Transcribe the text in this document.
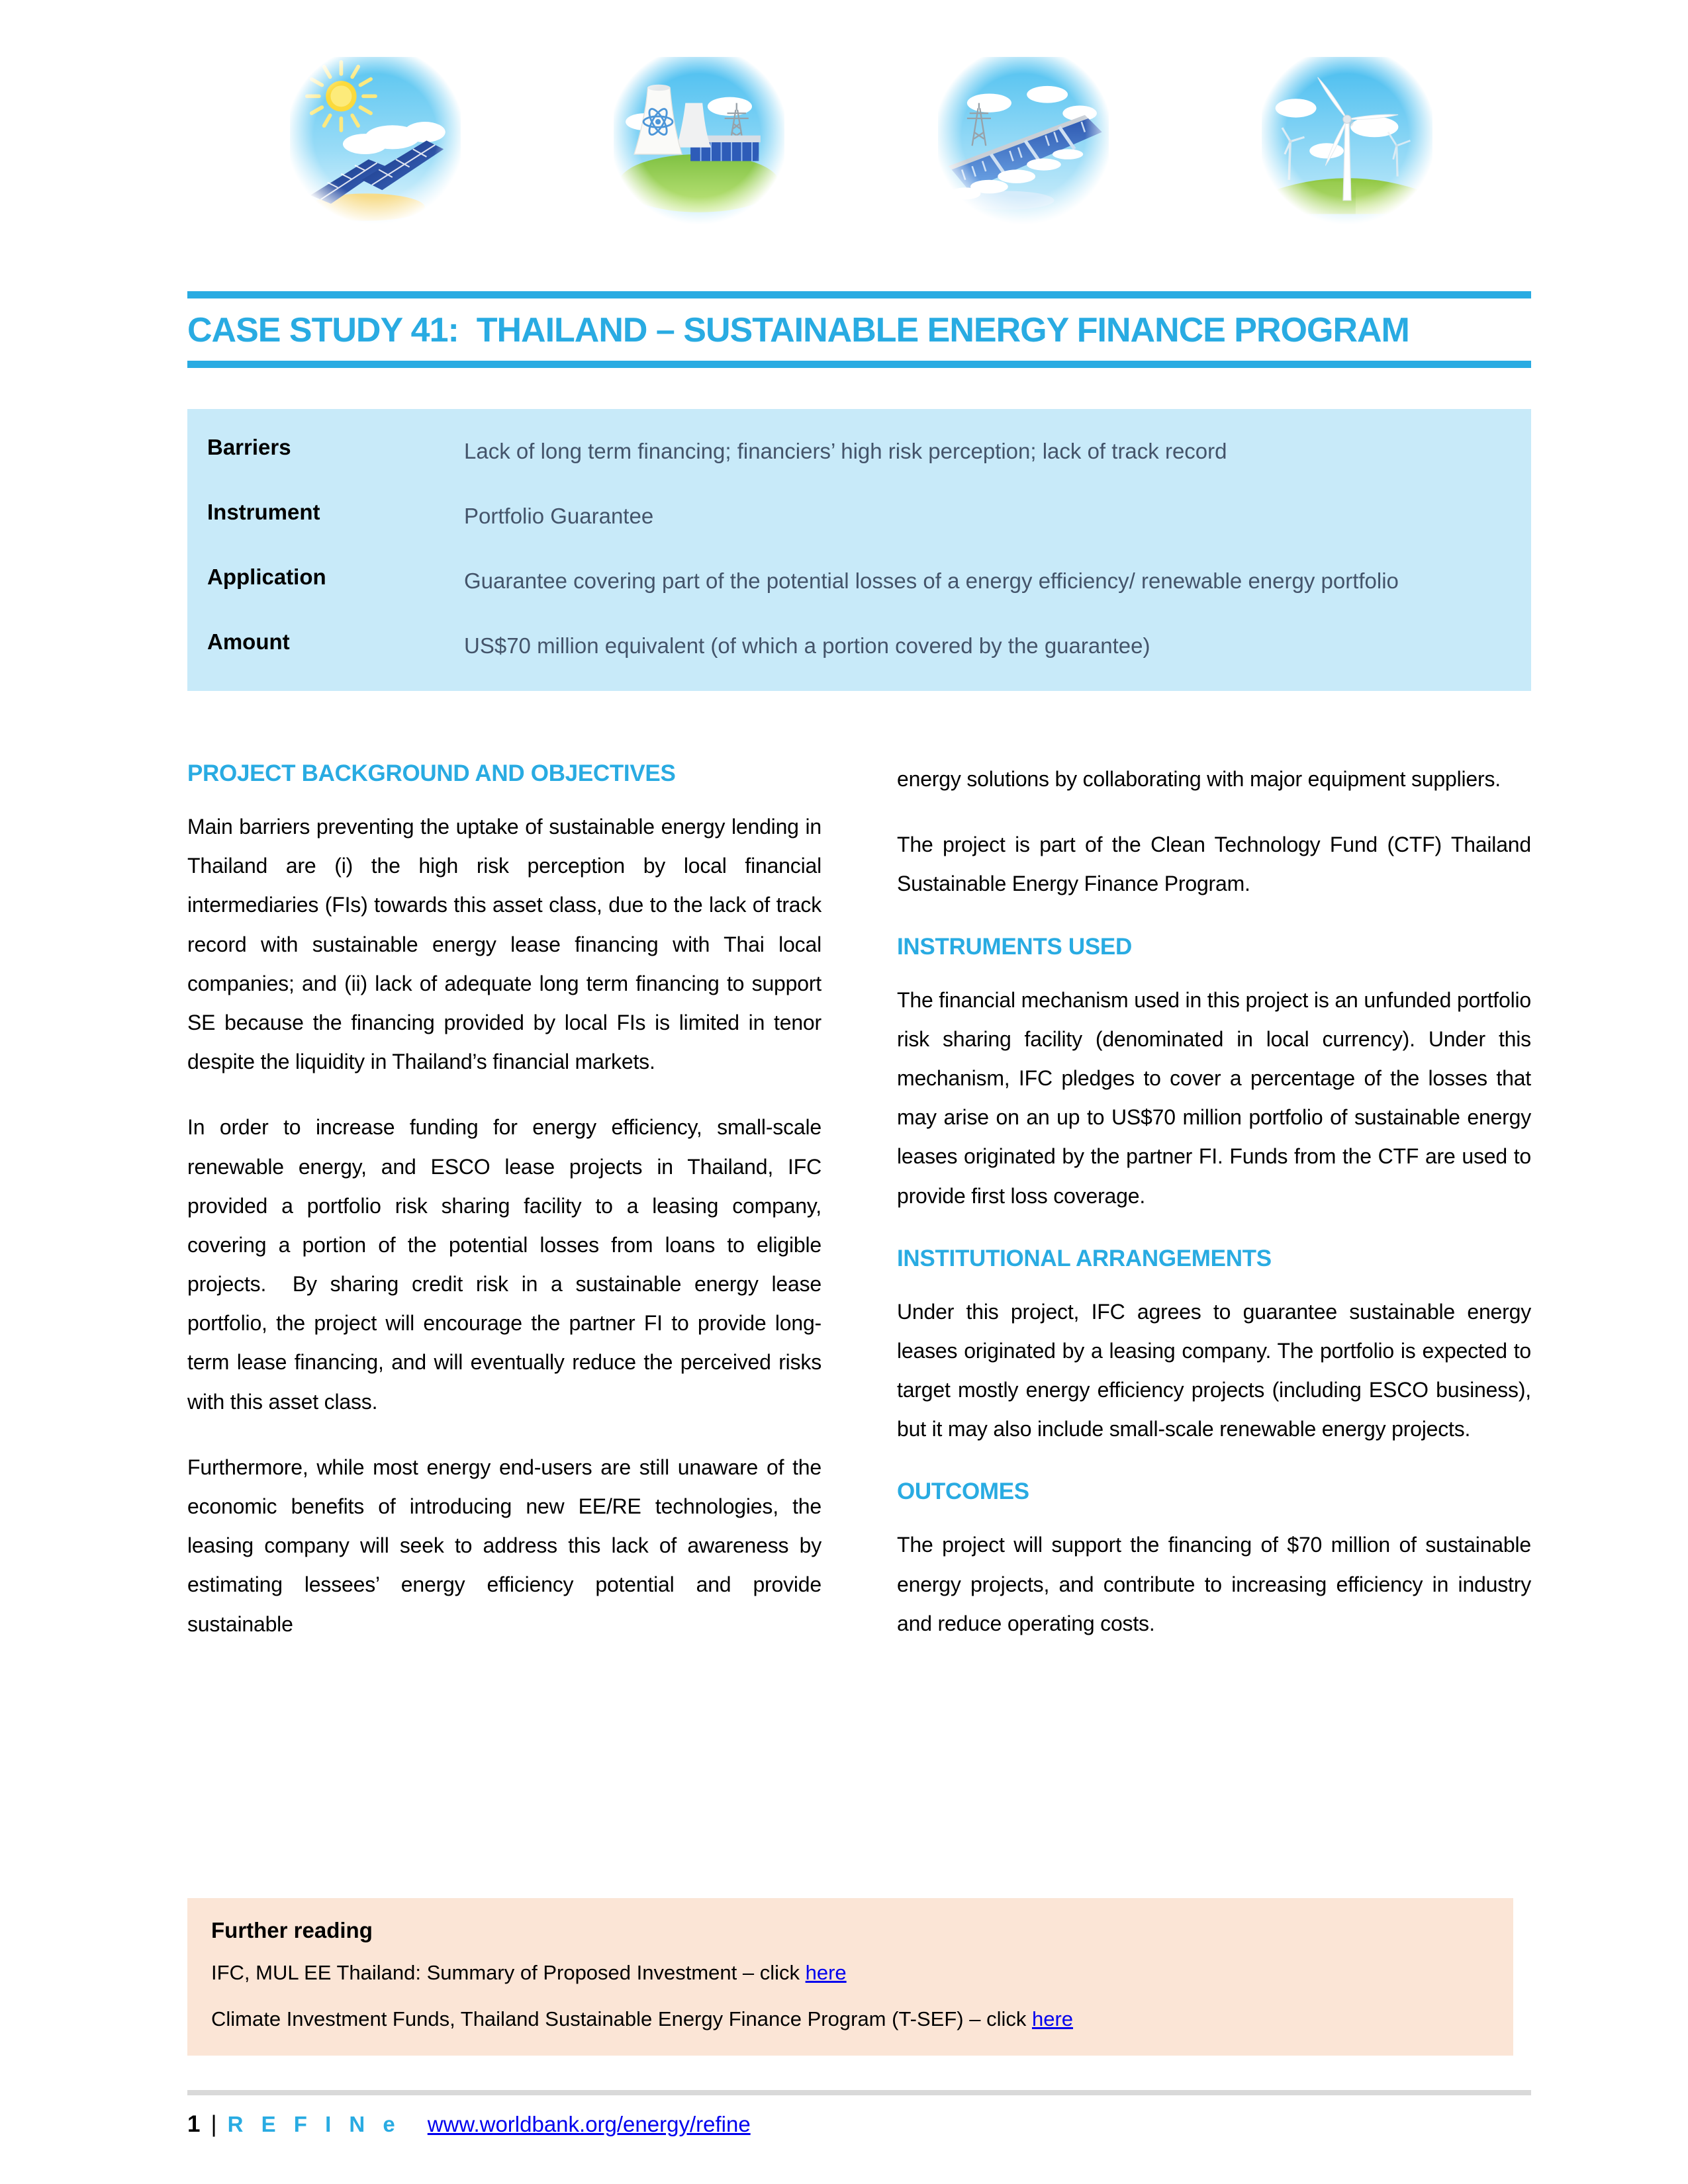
CASE STUDY 41:  THAILAND – SUSTAINABLE ENERGY FINANCE PROGRAM
Barriers	Lack of long term financing; financiers’ high risk perception; lack of track record
Instrument	Portfolio Guarantee
Application	Guarantee covering part of the potential losses of a energy efficiency/ renewable energy portfolio
Amount	US$70 million equivalent (of which a portion covered by the guarantee)
PROJECT BACKGROUND AND OBJECTIVES

Main barriers preventing the uptake of sustainable energy lending in Thailand are (i) the high risk perception by local financial intermediaries (FIs) towards this asset class, due to the lack of track record with sustainable energy lease financing with Thai local companies; and (ii) lack of adequate long term financing to support SE because the financing provided by local FIs is limited in tenor despite the liquidity in Thailand’s financial markets.

In order to increase funding for energy efficiency, small-scale renewable energy, and ESCO lease projects in Thailand, IFC provided a portfolio risk sharing facility to a leasing company, covering a portion of the potential losses from loans to eligible projects.  By sharing credit risk in a sustainable energy lease portfolio, the project will encourage the partner FI to provide long-term lease financing, and will eventually reduce the perceived risks with this asset class.

Furthermore, while most energy end-users are still unaware of the economic benefits of introducing new EE/RE technologies, the leasing company will seek to address this lack of awareness by estimating lessees’ energy efficiency potential and provide sustainable

energy solutions by collaborating with major equipment suppliers.

The project is part of the Clean Technology Fund (CTF) Thailand Sustainable Energy Finance Program.

INSTRUMENTS USED

The financial mechanism used in this project is an unfunded portfolio risk sharing facility (denominated in local currency). Under this mechanism, IFC pledges to cover a percentage of the losses that may arise on an up to US$70 million portfolio of sustainable energy leases originated by the partner FI. Funds from the CTF are used to provide first loss coverage.

INSTITUTIONAL ARRANGEMENTS

Under this project, IFC agrees to guarantee sustainable energy leases originated by a leasing company. The portfolio is expected to target mostly energy efficiency projects (including ESCO business), but it may also include small-scale renewable energy projects.

OUTCOMES

The project will support the financing of $70 million of sustainable energy projects, and contribute to increasing efficiency in industry and reduce operating costs.

Further reading

IFC, MUL EE Thailand: Summary of Proposed Investment – click here

Climate Investment Funds, Thailand Sustainable Energy Finance Program (T-SEF) – click here

1 | R E F I N e www.worldbank.org/energy/refine
